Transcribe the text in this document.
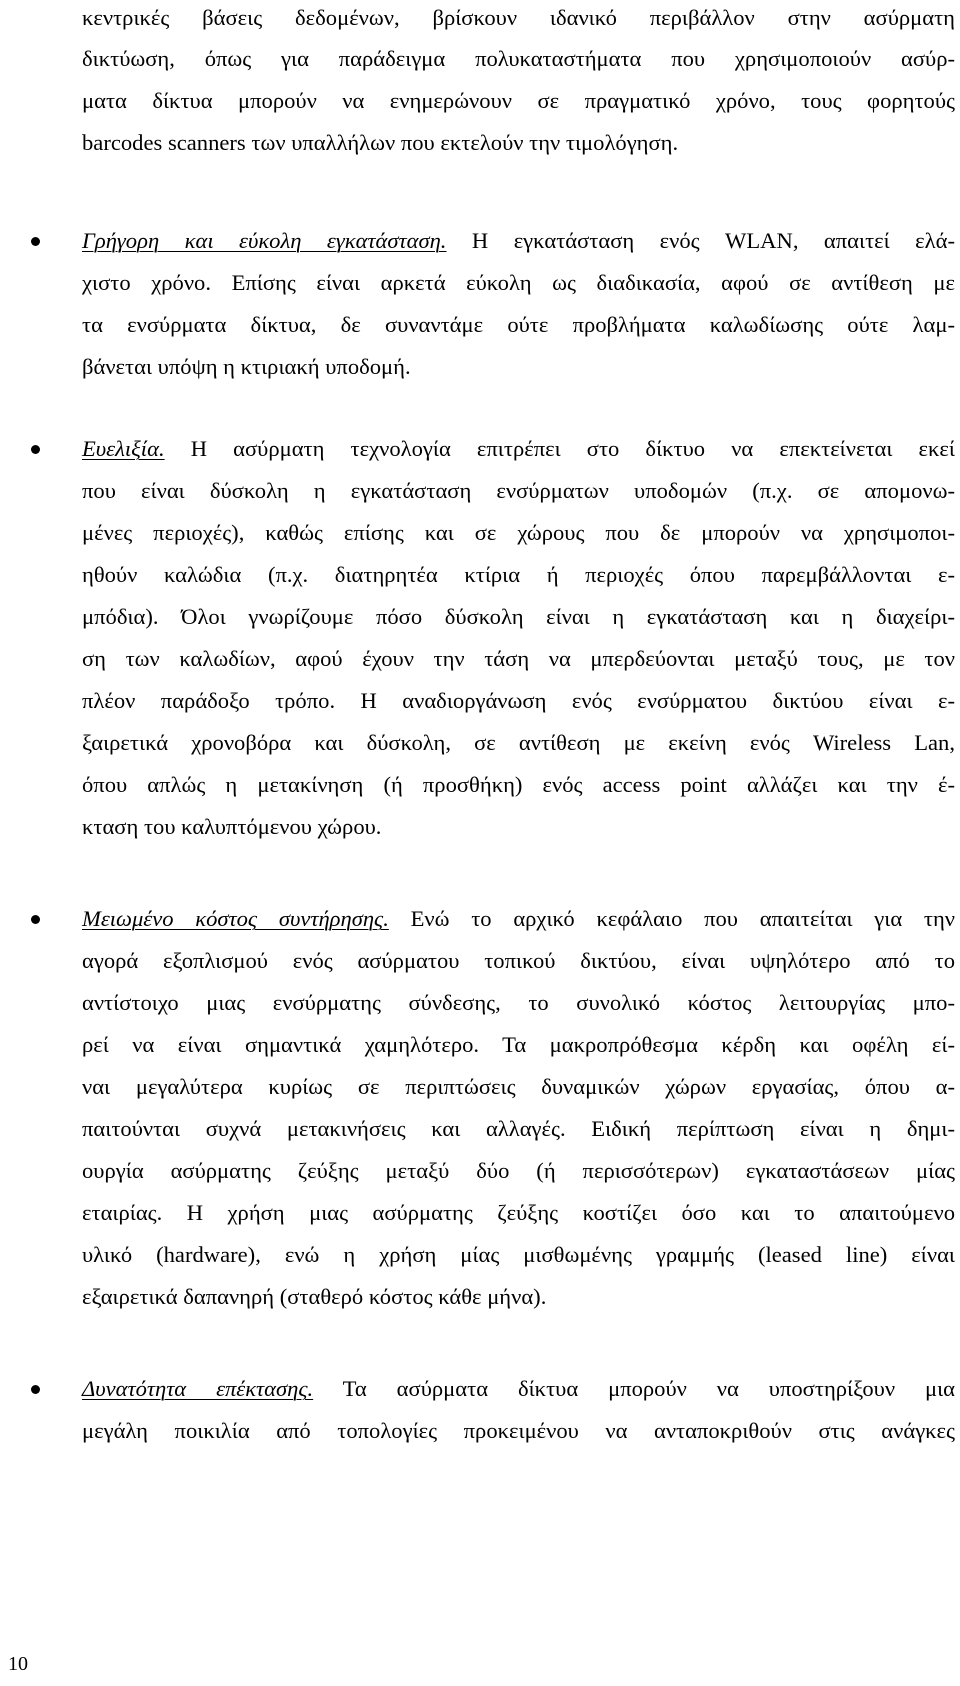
κεντρικές βάσεις δεδομένων, βρίσκουν ιδανικό περιβάλλον στην ασύρματη
δικτύωση, όπως για παράδειγμα πολυκαταστήματα που χρησιμοποιούν ασύρ-
ματα δίκτυα μπορούν να ενημερώνουν σε πραγματικό χρόνο, τους φορητούς
barcodes scanners των υπαλλήλων που εκτελούν την τιμολόγηση.
Γρήγορη και εύκολη εγκατάσταση. Η εγκατάσταση ενός WLAN, απαιτεί ελά-
χιστο χρόνο. Επίσης είναι αρκετά εύκολη ως διαδικασία, αφού σε αντίθεση με
τα ενσύρματα δίκτυα, δε συναντάμε ούτε προβλήματα καλωδίωσης ούτε λαμ-
βάνεται υπόψη η κτιριακή υποδομή.
Ευελιξία. Η ασύρματη τεχνολογία επιτρέπει στο δίκτυο να επεκτείνεται εκεί
που είναι δύσκολη η εγκατάσταση ενσύρματων υποδομών (π.χ. σε απομονω-
μένες περιοχές), καθώς επίσης και σε χώρους που δε μπορούν να χρησιμοποι-
ηθούν καλώδια (π.χ. διατηρητέα κτίρια ή περιοχές όπου παρεμβάλλονται ε-
μπόδια). Όλοι γνωρίζουμε πόσο δύσκολη είναι η εγκατάσταση και η διαχείρι-
ση των καλωδίων, αφού έχουν την τάση να μπερδεύονται μεταξύ τους, με τον
πλέον παράδοξο τρόπο. Η αναδιοργάνωση ενός ενσύρματου δικτύου είναι ε-
ξαιρετικά χρονοβόρα και δύσκολη, σε αντίθεση με εκείνη ενός Wireless Lan,
όπου απλώς η μετακίνηση (ή προσθήκη) ενός access point αλλάζει και την έ-
κταση του καλυπτόμενου χώρου.
Μειωμένο κόστος συντήρησης. Ενώ το αρχικό κεφάλαιο που απαιτείται για την
αγορά εξοπλισμού ενός ασύρματου τοπικού δικτύου, είναι υψηλότερο από το
αντίστοιχο μιας ενσύρματης σύνδεσης, το συνολικό κόστος λειτουργίας μπο-
ρεί να είναι σημαντικά χαμηλότερο. Τα μακροπρόθεσμα κέρδη και οφέλη εί-
ναι μεγαλύτερα κυρίως σε περιπτώσεις δυναμικών χώρων εργασίας, όπου α-
παιτούνται συχνά μετακινήσεις και αλλαγές. Ειδική περίπτωση είναι η δημι-
ουργία ασύρματης ζεύξης μεταξύ δύο (ή περισσότερων) εγκαταστάσεων μίας
εταιρίας. Η χρήση μιας ασύρματης ζεύξης κοστίζει όσο και το απαιτούμενο
υλικό (hardware), ενώ η χρήση μίας μισθωμένης γραμμής (leased line) είναι
εξαιρετικά δαπανηρή (σταθερό κόστος κάθε μήνα).
Δυνατότητα επέκτασης. Τα ασύρματα δίκτυα μπορούν να υποστηρίξουν μια
μεγάλη ποικιλία από τοπολογίες προκειμένου να ανταποκριθούν στις ανάγκες
10
